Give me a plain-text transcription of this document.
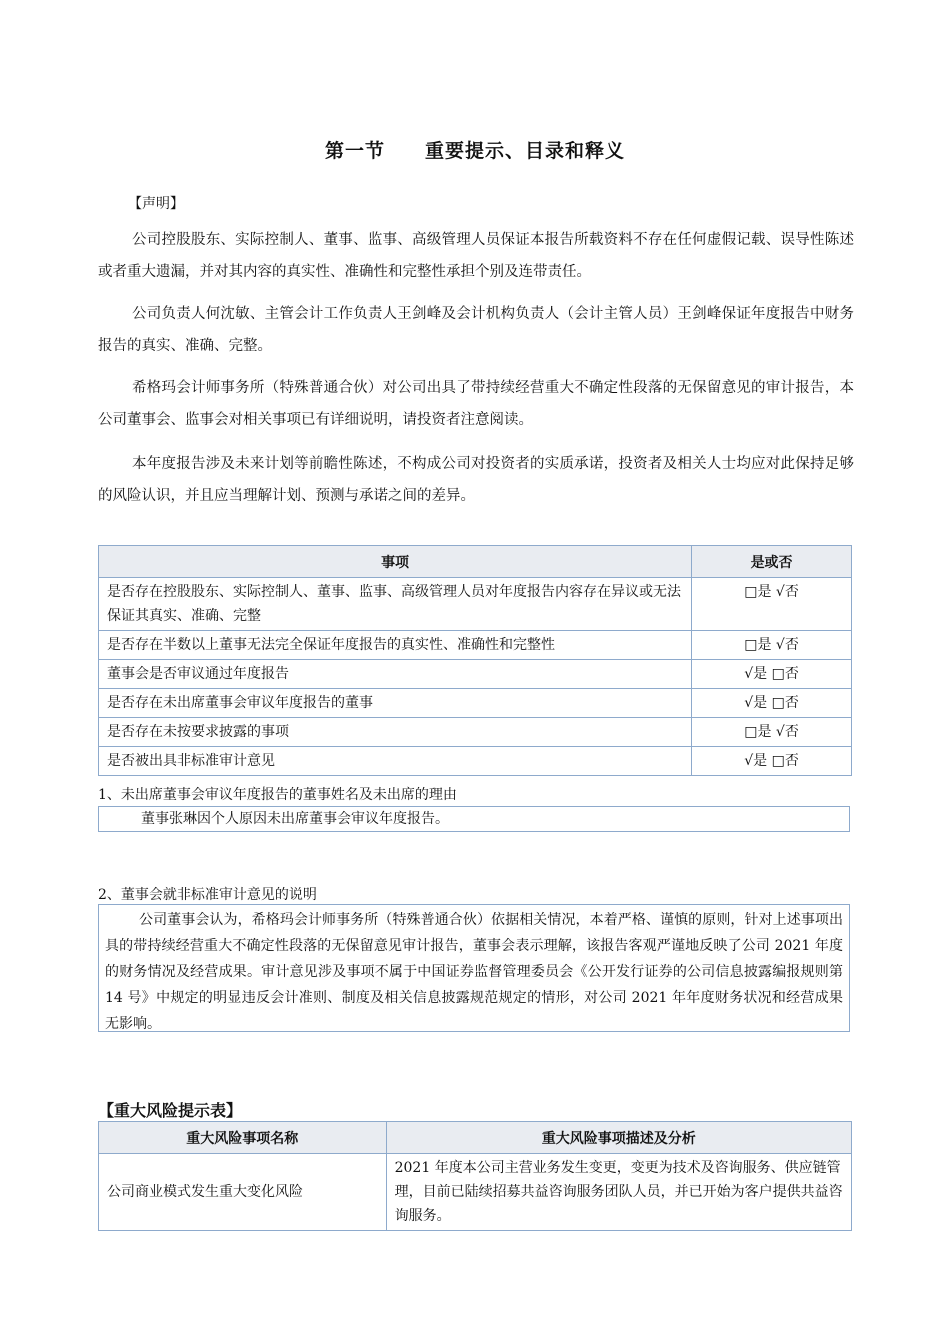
第一节 重要提示、目录和释义
【声明】
公司控股股东、实际控制人、董事、监事、高级管理人员保证本报告所载资料不存在任何虚假记载、误导性陈述或者重大遗漏，并对其内容的真实性、准确性和完整性承担个别及连带责任。
公司负责人何沈敏、主管会计工作负责人王剑峰及会计机构负责人（会计主管人员）王剑峰保证年度报告中财务报告的真实、准确、完整。
希格玛会计师事务所（特殊普通合伙）对公司出具了带持续经营重大不确定性段落的无保留意见的审计报告，本公司董事会、监事会对相关事项已有详细说明，请投资者注意阅读。
本年度报告涉及未来计划等前瞻性陈述，不构成公司对投资者的实质承诺，投资者及相关人士均应对此保持足够的风险认识，并且应当理解计划、预测与承诺之间的差异。
事项	是或否
是否存在控股股东、实际控制人、董事、监事、高级管理人员对年度报告内容存在异议或无法保证其真实、准确、完整	□是 √否
是否存在半数以上董事无法完全保证年度报告的真实性、准确性和完整性	□是 √否
董事会是否审议通过年度报告	√是 □否
是否存在未出席董事会审议年度报告的董事	√是 □否
是否存在未按要求披露的事项	□是 √否
是否被出具非标准审计意见	√是 □否
1、未出席董事会审议年度报告的董事姓名及未出席的理由
董事张琳因个人原因未出席董事会审议年度报告。
2、董事会就非标准审计意见的说明
公司董事会认为，希格玛会计师事务所（特殊普通合伙）依据相关情况，本着严格、谨慎的原则，针对上述事项出具的带持续经营重大不确定性段落的无保留意见审计报告，董事会表示理解，该报告客观严谨地反映了公司 2021 年度的财务情况及经营成果。审计意见涉及事项不属于中国证券监督管理委员会《公开发行证券的公司信息披露编报规则第 14 号》中规定的明显违反会计准则、制度及相关信息披露规范规定的情形，对公司 2021 年年度财务状况和经营成果无影响。
【重大风险提示表】
重大风险事项名称	重大风险事项描述及分析
公司商业模式发生重大变化风险	2021 年度本公司主营业务发生变更，变更为技术及咨询服务、供应链管理，目前已陆续招募共益咨询服务团队人员，并已开始为客户提供共益咨询服务。
